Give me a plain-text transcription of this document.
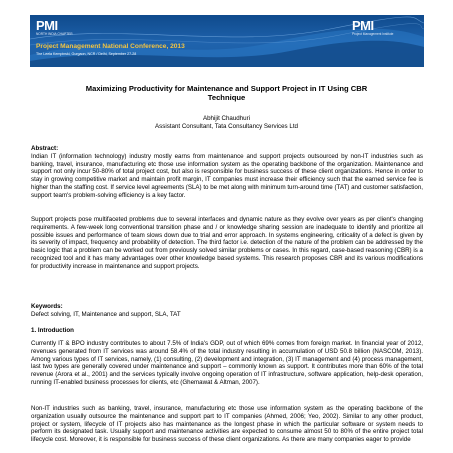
PMI
NORTH INDIA CHAPTER
PMI
Project Management Institute
Project Management National Conference, 2013
The Leela Kempinski, Gurgaon, NCR / Delhi, September 27-28
Maximizing Productivity for Maintenance and Support Project in IT Using CBR
Technique
Abhijit Chaudhuri
Assistant Consultant, Tata Consultancy Services Ltd

Abstract:

Indian IT (information technology) industry mostly earns from maintenance and support projects outsourced by non-IT industries such as banking, travel, insurance, manufacturing etc those use information system as the operating backbone of the organization. Maintenance and support not only incur 50-80% of total project cost, but also is responsible for business success of these client organizations. Hence in order to stay in growing competitive market and maintain profit margin, IT companies must increase their efficiency such that the earned service fee is higher than the staffing cost. If service level agreements (SLA) to be met along with minimum turn-around time (TAT) and customer satisfaction, support team's problem-solving efficiency is a key factor.

Support projects pose multifaceted problems due to several interfaces and dynamic nature as they evolve over years as per client's changing requirements. A few-week long conventional transition phase and / or knowledge sharing session are inadequate to identify and prioritize all possible issues and performance of team slows down due to trial and error approach. In systems engineering, criticality of a defect is given by its severity of impact, frequency and probability of detection. The third factor i.e. detection of the nature of the problem can be addressed by the basic logic that a problem can be worked out from previously solved similar problems or cases. In this regard, case-based reasoning (CBR) is a recognized tool and it has many advantages over other knowledge based systems. This research proposes CBR and its various modifications for productivity increase in maintenance and support projects.

Keywords:

Defect solving, IT, Maintenance and support, SLA, TAT

1. Introduction

Currently IT & BPO industry contributes to about 7.5% of India's GDP, out of which 69% comes from foreign market. In financial year of 2012, revenues generated from IT services was around 58.4% of the total industry resulting in accumulation of USD 50.8 billion (NASCOM, 2013). Among various types of IT services, namely, (1) consulting, (2) development and integration, (3) IT management and (4) process management, last two types are generally covered under maintenance and support – commonly known as support. It contributes more than 60% of the total revenue (Arora et al., 2001) and the services typically involve ongoing operation of IT infrastructure, software application, help-desk operation, running IT-enabled business processes for clients, etc (Ghemawat & Altman, 2007).

Non-IT industries such as banking, travel, insurance, manufacturing etc those use information system as the operating backbone of the organization usually outsource the maintenance and support part to IT companies (Ahmed, 2006; Yeo, 2002). Similar to any other product, project or system, lifecycle of IT projects also has maintenance as the longest phase in which the particular software or system needs to perform its designated task. Usually support and maintenance activities are expected to consume almost 50 to 80% of the entire project total lifecycle cost. Moreover, it is responsible for business success of these client organizations. As there are many companies eager to provide
